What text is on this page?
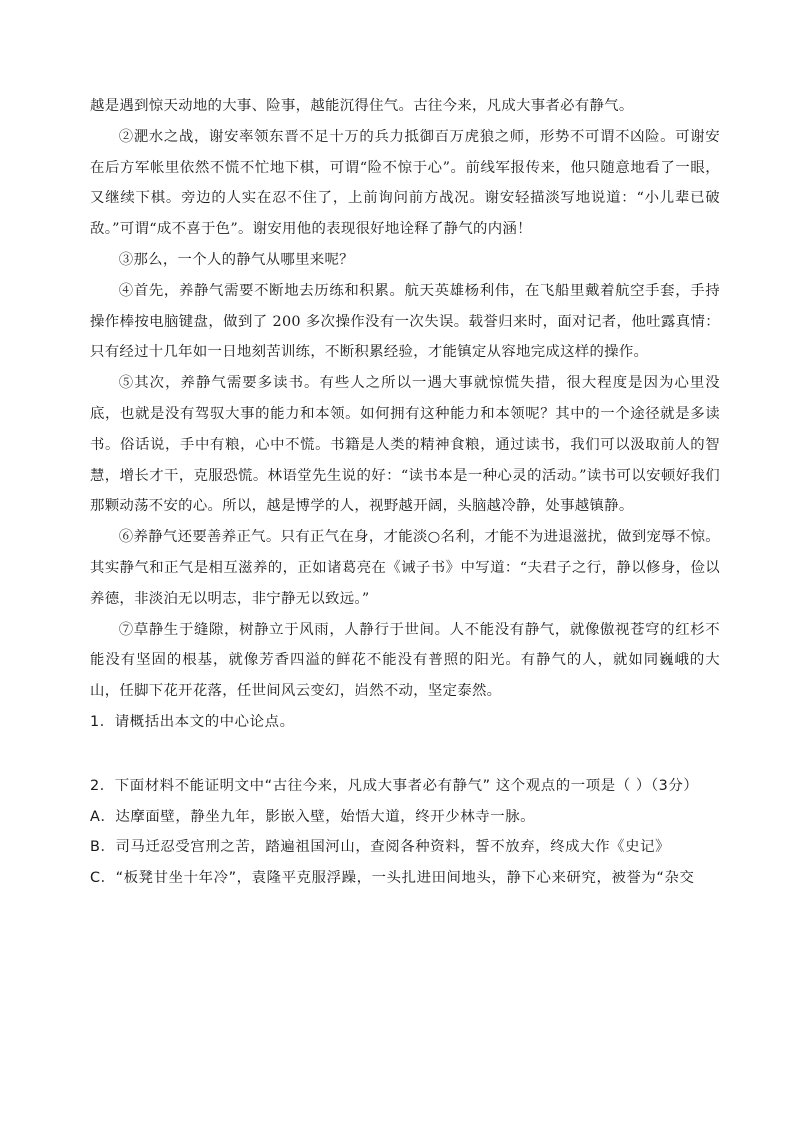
越是遇到惊天动地的大事、险事，越能沉得住气。古往今来，凡成大事者必有静气。

②淝水之战，谢安率领东晋不足十万的兵力抵御百万虎狼之师，形势不可谓不凶险。可谢安在后方军帐里依然不慌不忙地下棋，可谓“险不惊于心”。前线军报传来，他只随意地看了一眼，又继续下棋。旁边的人实在忍不住了，上前询问前方战况。谢安轻描淡写地说道：“小儿辈已破敌。”可谓“成不喜于色”。谢安用他的表现很好地诠释了静气的内涵！

③那么，一个人的静气从哪里来呢？

④首先，养静气需要不断地去历练和积累。航天英雄杨利伟，在飞船里戴着航空手套，手持操作棒按电脑键盘，做到了 200 多次操作没有一次失误。载誉归来时，面对记者，他吐露真情：只有经过十几年如一日地刻苦训练，不断积累经验，才能镇定从容地完成这样的操作。

⑤其次，养静气需要多读书。有些人之所以一遇大事就惊慌失措，很大程度是因为心里没底，也就是没有驾驭大事的能力和本领。如何拥有这种能力和本领呢？其中的一个途径就是多读书。俗话说，手中有粮，心中不慌。书籍是人类的精神食粮，通过读书，我们可以汲取前人的智慧，增长才干，克服恐慌。林语堂先生说的好：“读书本是一种心灵的活动。”读书可以安顿好我们那颗动荡不安的心。所以，越是博学的人，视野越开阔，头脑越冷静，处事越镇静。

⑥养静气还要善养正气。只有正气在身，才能淡○名利，才能不为进退滋扰，做到宠辱不惊。其实静气和正气是相互滋养的，正如诸葛亮在《诫子书》中写道：“夫君子之行，静以修身，俭以养德，非淡泊无以明志，非宁静无以致远。”

⑦草静生于缝隙，树静立于风雨，人静行于世间。人不能没有静气，就像傲视苍穹的红杉不能没有坚固的根基，就像芳香四溢的鲜花不能没有普照的阳光。有静气的人，就如同巍峨的大山，任脚下花开花落，任世间风云变幻，岿然不动，坚定泰然。

1．请概括出本文的中心论点。

2．下面材料不能证明文中“古往今来，凡成大事者必有静气” 这个观点的一项是（ ）（3分）

A．达摩面壁，静坐九年，影嵌入壁，始悟大道，终开少林寺一脉。

B．司马迁忍受宫刑之苦，踏遍祖国河山，查阅各种资料，誓不放弃，终成大作《史记》

C．“板凳甘坐十年冷”，袁隆平克服浮躁，一头扎进田间地头，静下心来研究，被誉为“杂交
